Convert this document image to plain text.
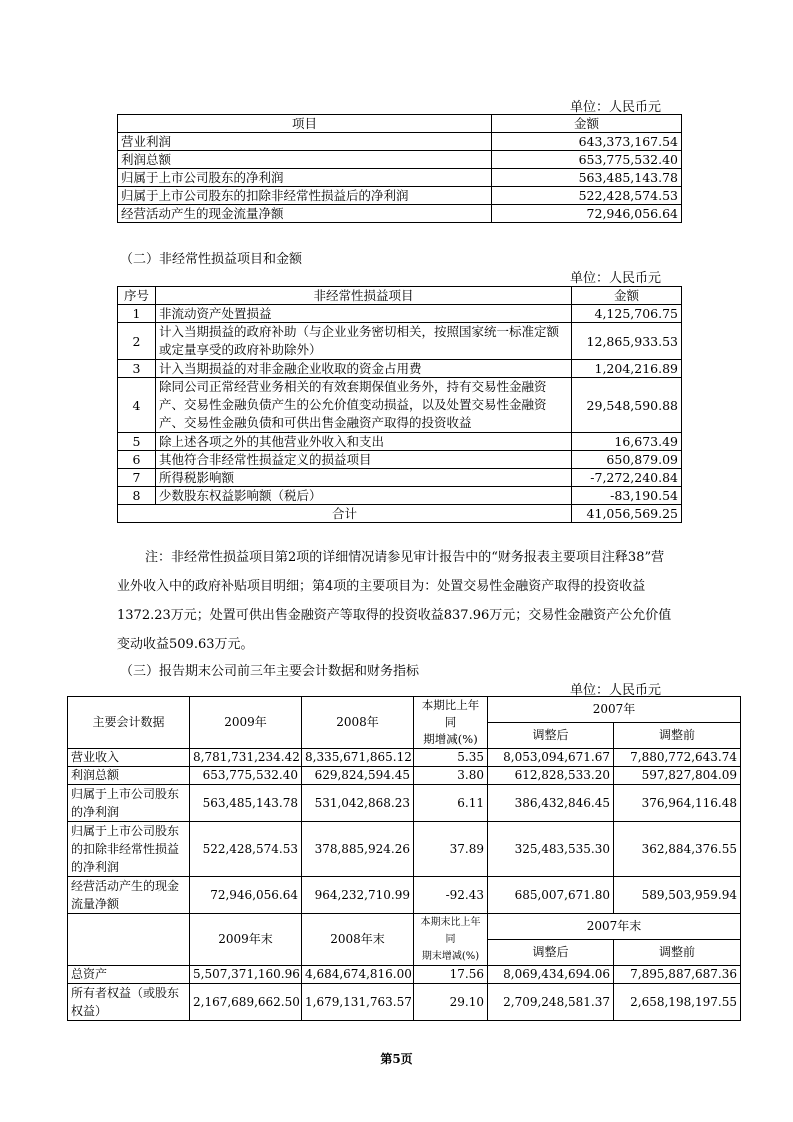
单位：人民币元
项目	金额
营业利润	643,373,167.54
利润总额	653,775,532.40
归属于上市公司股东的净利润	563,485,143.78
归属于上市公司股东的扣除非经常性损益后的净利润	522,428,574.53
经营活动产生的现金流量净额	72,946,056.64
（二）非经常性损益项目和金额
单位：人民币元
序号	非经常性损益项目	金额
1	非流动资产处置损益	4,125,706.75
2	计入当期损益的政府补助（与企业业务密切相关，按照国家统一标准定额或定量享受的政府补助除外）	12,865,933.53
3	计入当期损益的对非金融企业收取的资金占用费	1,204,216.89
4	除同公司正常经营业务相关的有效套期保值业务外，持有交易性金融资产、交易性金融负债产生的公允价值变动损益，以及处置交易性金融资产、交易性金融负债和可供出售金融资产取得的投资收益	29,548,590.88
5	除上述各项之外的其他营业外收入和支出	16,673.49
6	其他符合非经常性损益定义的损益项目	650,879.09
7	所得税影响额	-7,272,240.84
8	少数股东权益影响额（税后）	-83,190.54
合计		41,056,569.25
注：非经常性损益项目第2项的详细情况请参见审计报告中的“财务报表主要项目注释38”营业外收入中的政府补贴项目明细；第4项的主要项目为：处置交易性金融资产取得的投资收益1372.23万元；处置可供出售金融资产等取得的投资收益837.96万元；交易性金融资产公允价值变动收益509.63万元。
（三）报告期末公司前三年主要会计数据和财务指标
单位：人民币元
主要会计数据	2009年	2008年	本期比上年同
期增减(%)	2007年	
				调整后	调整前
营业收入	8,781,731,234.42	8,335,671,865.12	5.35	8,053,094,671.67	7,880,772,643.74
利润总额	653,775,532.40	629,824,594.45	3.80	612,828,533.20	597,827,804.09
归属于上市公司股东的净利润	563,485,143.78	531,042,868.23	6.11	386,432,846.45	376,964,116.48
归属于上市公司股东的扣除非经常性损益的净利润	522,428,574.53	378,885,924.26	37.89	325,483,535.30	362,884,376.55
经营活动产生的现金流量净额	72,946,056.64	964,232,710.99	-92.43	685,007,671.80	589,503,959.94
	2009年末	2008年末	本期末比上年同
期末增减(%)	2007年末	
				调整后	调整前
总资产	5,507,371,160.96	4,684,674,816.00	17.56	8,069,434,694.06	7,895,887,687.36
所有者权益（或股东权益）	2,167,689,662.50	1,679,131,763.57	29.10	2,709,248,581.37	2,658,198,197.55
第5页
